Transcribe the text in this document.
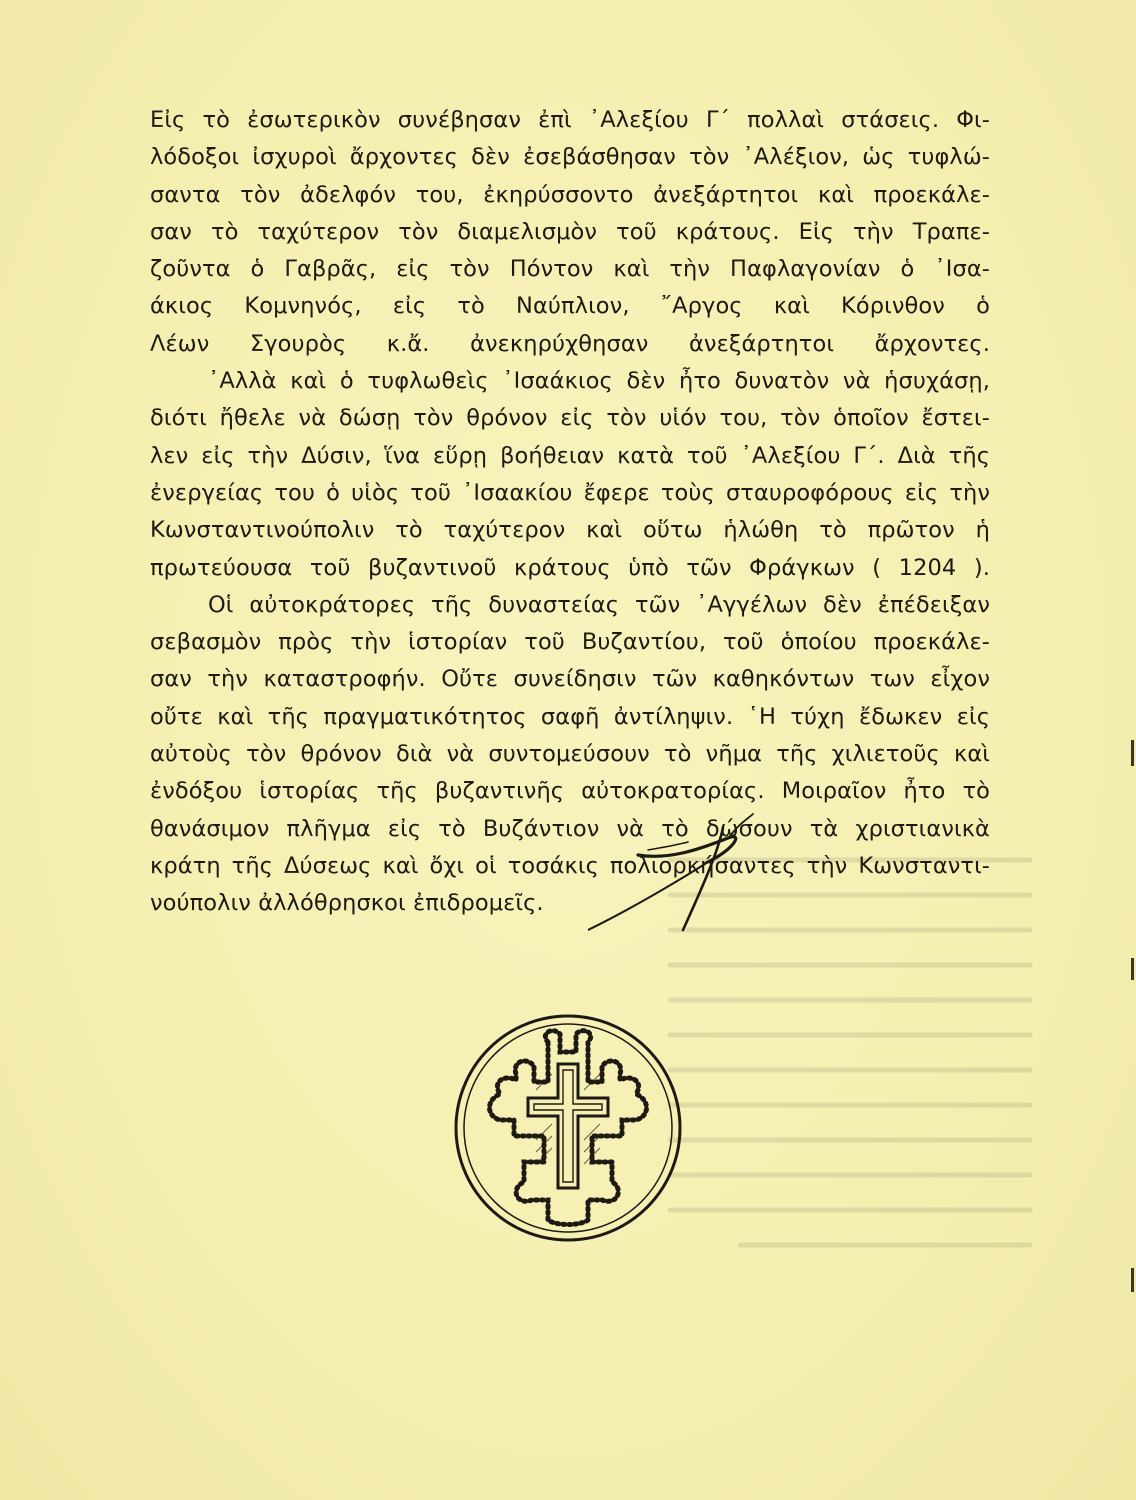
Εἰς τὸ ἐσωτερικὸν συνέβησαν ἐπὶ ᾿Αλεξίου Γ΄ πολλαὶ στάσεις. Φι-
λόδοξοι ἰσχυροὶ ἄρχοντες δὲν ἐσεβάσθησαν τὸν ᾿Αλέξιον, ὡς τυφλώ-
σαντα τὸν ἀδελφόν του, ἐκηρύσσοντο ἀνεξάρτητοι καὶ προεκάλε-
σαν τὸ ταχύτερον τὸν διαμελισμὸν τοῦ κράτους. Εἰς τὴν Τραπε-
ζοῦντα ὁ Γαβρᾶς, εἰς τὸν Πόντον καὶ τὴν Παφλαγονίαν ὁ ᾿Ισα-
άκιος Κομνηνός, εἰς τὸ Ναύπλιον, ῎Αργος καὶ Κόρινθον ὁ
Λέων Σγουρὸς κ.ἄ. ἀνεκηρύχθησαν ἀνεξάρτητοι ἄρχοντες.
᾿Αλλὰ καὶ ὁ τυφλωθεὶς ᾿Ισαάκιος δὲν ἦτο δυνατὸν νὰ ἡσυχάσῃ,
διότι ἤθελε νὰ δώσῃ τὸν θρόνον εἰς τὸν υἱόν του, τὸν ὁποῖον ἔστει-
λεν εἰς τὴν Δύσιν, ἵνα εὕρῃ βοήθειαν κατὰ τοῦ ᾿Αλεξίου Γ΄. Διὰ τῆς
ἐνεργείας του ὁ υἱὸς τοῦ ᾿Ισαακίου ἔφερε τοὺς σταυροφόρους εἰς τὴν
Κωνσταντινούπολιν τὸ ταχύτερον καὶ οὕτω ἡλώθη τὸ πρῶτον ἡ
πρωτεύουσα τοῦ βυζαντινοῦ κράτους ὑπὸ τῶν Φράγκων ( 1204 ).
Οἱ αὐτοκράτορες τῆς δυναστείας τῶν ᾿Αγγέλων δὲν ἐπέδειξαν
σεβασμὸν πρὸς τὴν ἱστορίαν τοῦ Βυζαντίου, τοῦ ὁποίου προεκάλε-
σαν τὴν καταστροφήν. Οὔτε συνείδησιν τῶν καθηκόντων των εἶχον
οὔτε καὶ τῆς πραγματικότητος σαφῆ ἀντίληψιν. ῾Η τύχη ἔδωκεν εἰς
αὐτοὺς τὸν θρόνον διὰ νὰ συντομεύσουν τὸ νῆμα τῆς χιλιετοῦς καὶ
ἐνδόξου ἱστορίας τῆς βυζαντινῆς αὐτοκρατορίας. Μοιραῖον ἦτο τὸ
θανάσιμον πλῆγμα εἰς τὸ Βυζάντιον νὰ τὸ δώσουν τὰ χριστιανικὰ
κράτη τῆς Δύσεως καὶ ὄχι οἱ τοσάκις πολιορκήσαντες τὴν Κωνσταντι-
νούπολιν ἀλλόθρησκοι ἐπιδρομεῖς.
